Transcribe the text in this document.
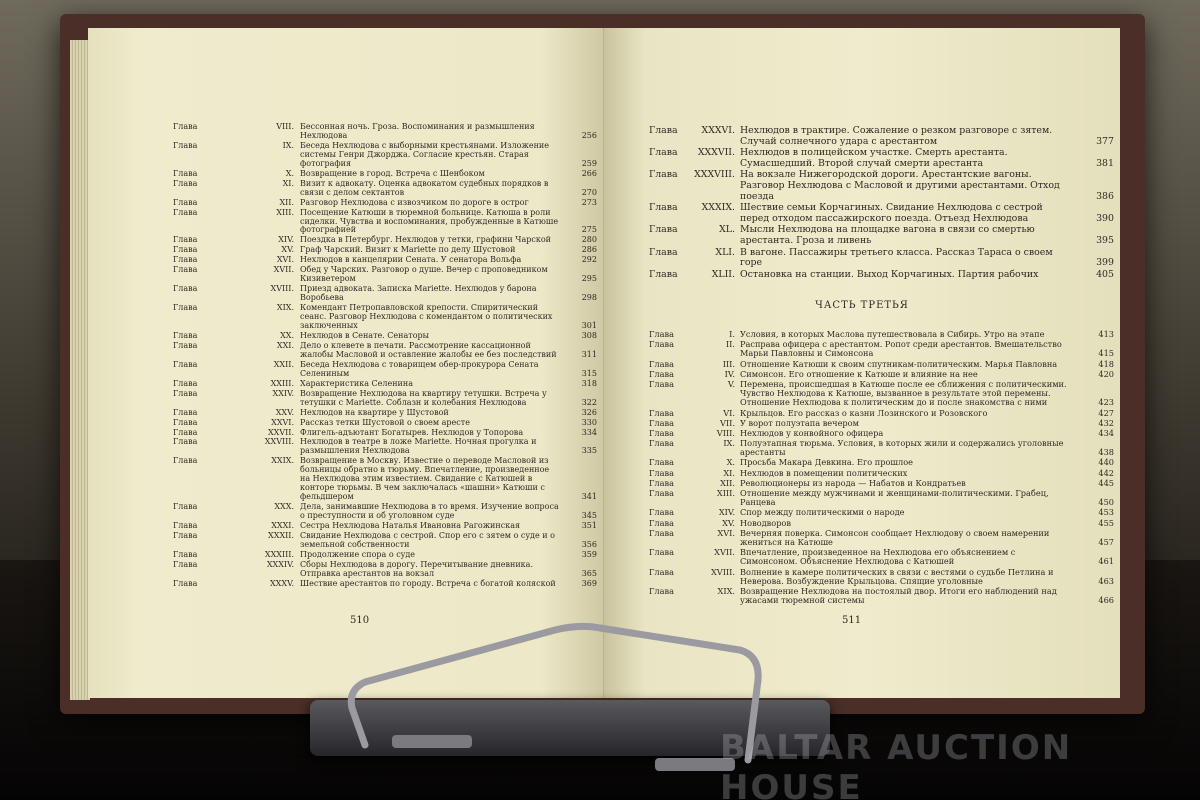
Глава	VIII. Бессонная ночь. Гроза. Воспоминания и размышления Нехлюдова	256
Глава	IX. Беседа Нехлюдова с выборными крестьянами. Изложение системы Генри Джорджа. Согласие крестьян. Старая фотография	259
Глава	X. Возвращение в город. Встреча с Шенбоком	266
Глава	XI. Визит к адвокату. Оценка адвокатом судебных порядков в связи с делом сектантов	270
Глава	XII. Разговор Нехлюдова с извозчиком по дороге в острог	273
Глава	XIII. Посещение Катюши в тюремной больнице. Катюша в роли сиделки. Чувства и воспоминания, пробужденные в Катюше фотографией	275
Глава	XIV. Поездка в Петербург. Нехлюдов у тетки, графини Чарской	280
Глава	XV. Граф Чарский. Визит к Mariette по делу Шустовой	286
Глава	XVI. Нехлюдов в канцелярии Сената. У сенатора Вольфа	292
Глава	XVII. Обед у Чарских. Разговор о душе. Вечер с проповедником Кизиветером	295
Глава	XVIII. Приезд адвоката. Записка Mariette. Нехлюдов у барона Воробьева	298
Глава	XIX. Комендант Петропавловской крепости. Спиритический сеанс. Разговор Нехлюдова с комендантом о политических заключенных	301
Глава	XX. Нехлюдов в Сенате. Сенаторы	308
Глава	XXI. Дело о клевете в печати. Рассмотрение кассационной жалобы Масловой и оставление жалобы ее без последствий	311
Глава	XXII. Беседа Нехлюдова с товарищем обер-прокурора Сената Селениным	315
Глава	XXIII. Характеристика Селенина	318
Глава	XXIV. Возвращение Нехлюдова на квартиру тетушки. Встреча у тетушки с Mariette. Соблазн и колебания Нехлюдова	322
Глава	XXV. Нехлюдов на квартире у Шустовой	326
Глава	XXVI. Рассказ тетки Шустовой о своем аресте	330
Глава	XXVII. Флигель-адъютант Богатырев. Нехлюдов у Топорова	334
Глава	XXVIII. Нехлюдов в театре в ложе Mariette. Ночная прогулка и размышления Нехлюдова	335
Глава	XXIX. Возвращение в Москву. Известие о переводе Масловой из больницы обратно в тюрьму. Впечатление, произведенное на Нехлюдова этим известием. Свидание с Катюшей в конторе тюрьмы. В чем заключалась «шашни» Катюши с фельдшером	341
Глава	XXX. Дела, занимавшие Нехлюдова в то время. Изучение вопроса о преступности и об уголовном суде	345
Глава	XXXI. Сестра Нехлюдова Наталья Ивановна Рагожинская	351
Глава	XXXII. Свидание Нехлюдова с сестрой. Спор его с зятем о суде и о земельной собственности	356
Глава	XXXIII. Продолжение спора о суде	359
Глава	XXXIV. Сборы Нехлюдова в дорогу. Перечитывание дневника. Отправка арестантов на вокзал	365
Глава	XXXV. Шествие арестантов по городу. Встреча с богатой коляской	369
510
Глава	XXXVI. Нехлюдов в трактире. Сожаление о резком разговоре с зятем. Случай солнечного удара с арестантом	377
Глава	XXXVII. Нехлюдов в полицейском участке. Смерть арестанта. Сумасшедший. Второй случай смерти арестанта	381
Глава	XXXVIII. На вокзале Нижегородской дороги. Арестантские вагоны. Разговор Нехлюдова с Масловой и другими арестантами. Отход поезда	386
Глава	XXXIX. Шествие семьи Корчагиных. Свидание Нехлюдова с сестрой перед отходом пассажирского поезда. Отъезд Нехлюдова	390
Глава	XL. Мысли Нехлюдова на площадке вагона в связи со смертью арестанта. Гроза и ливень	395
Глава	XLI. В вагоне. Пассажиры третьего класса. Рассказ Тараса о своем горе	399
Глава	XLII. Остановка на станции. Выход Корчагиных. Партия рабочих	405
ЧАСТЬ ТРЕТЬЯ
Глава	I. Условия, в которых Маслова путешествовала в Сибирь. Утро на этапе	413
Глава	II. Расправа офицера с арестантом. Ропот среди арестантов. Вмешательство Марьи Павловны и Симонсона	415
Глава	III. Отношение Катюши к своим спутникам-политическим. Марья Павловна	418
Глава	IV. Симонсон. Его отношение к Катюше и влияние на нее	420
Глава	V. Перемена, происшедшая в Катюше после ее сближения с политическими. Чувство Нехлюдова к Катюше, вызванное в результате этой перемены. Отношение Нехлюдова к политическим до и после знакомства с ними	423
Глава	VI. Крыльцов. Его рассказ о казни Лозинского и Розовского	427
Глава	VII. У ворот полуэтапа вечером	432
Глава	VIII. Нехлюдов у конвойного офицера	434
Глава	IX. Полуэтапная тюрьма. Условия, в которых жили и содержались уголовные арестанты	438
Глава	X. Просьба Макара Девкина. Его прошлое	440
Глава	XI. Нехлюдов в помещении политических	442
Глава	XII. Революционеры из народа — Набатов и Кондратьев	445
Глава	XIII. Отношение между мужчинами и женщинами-политическими. Грабец, Ранцева	450
Глава	XIV. Спор между политическими о народе	453
Глава	XV. Новодворов	455
Глава	XVI. Вечерняя поверка. Симонсон сообщает Нехлюдову о своем намерении жениться на Катюше	457
Глава	XVII. Впечатление, произведенное на Нехлюдова его объяснением с Симонсоном. Объяснение Нехлюдова с Катюшей	461
Глава	XVIII. Волнение в камере политических в связи с вестями о судьбе Петлина и Неверова. Возбуждение Крыльцова. Спящие уголовные	463
Глава	XIX. Возвращение Нехлюдова на постоялый двор. Итоги его наблюдений над ужасами тюремной системы	466
511
BALTAR AUCTION HOUSE
